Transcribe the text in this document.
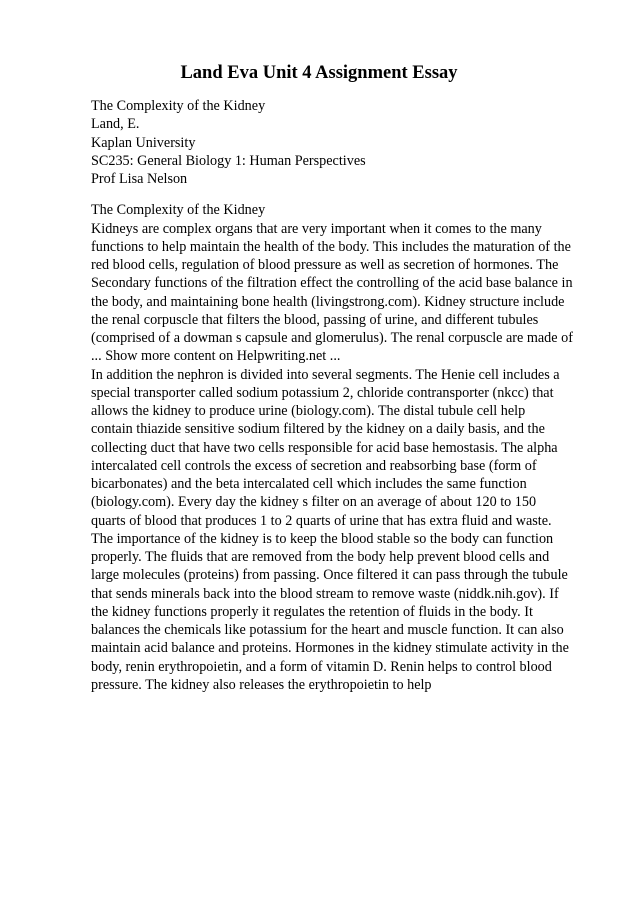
Land Eva Unit 4 Assignment Essay
The Complexity of the Kidney
Land, E.
Kaplan University
SC235: General Biology 1: Human Perspectives
Prof Lisa Nelson
The Complexity of the Kidney
Kidneys are complex organs that are very important when it comes to the many
functions to help maintain the health of the body. This includes the maturation of the
red blood cells, regulation of blood pressure as well as secretion of hormones. The
Secondary functions of the filtration effect the controlling of the acid base balance in
the body, and maintaining bone health (livingstrong.com). Kidney structure include
the renal corpuscle that filters the blood, passing of urine, and different tubules
(comprised of a dowman s capsule and glomerulus). The renal corpuscle are made of
... Show more content on Helpwriting.net ...
In addition the nephron is divided into several segments. The Henie cell includes a
special transporter called sodium potassium 2, chloride contransporter (nkcc) that
allows the kidney to produce urine (biology.com). The distal tubule cell help
contain thiazide sensitive sodium filtered by the kidney on a daily basis, and the
collecting duct that have two cells responsible for acid base hemostasis. The alpha
intercalated cell controls the excess of secretion and reabsorbing base (form of
bicarbonates) and the beta intercalated cell which includes the same function
(biology.com). Every day the kidney s filter on an average of about 120 to 150
quarts of blood that produces 1 to 2 quarts of urine that has extra fluid and waste.
The importance of the kidney is to keep the blood stable so the body can function
properly. The fluids that are removed from the body help prevent blood cells and
large molecules (proteins) from passing. Once filtered it can pass through the tubule
that sends minerals back into the blood stream to remove waste (niddk.nih.gov). If
the kidney functions properly it regulates the retention of fluids in the body. It
balances the chemicals like potassium for the heart and muscle function. It can also
maintain acid balance and proteins. Hormones in the kidney stimulate activity in the
body, renin erythropoietin, and a form of vitamin D. Renin helps to control blood
pressure. The kidney also releases the erythropoietin to help
